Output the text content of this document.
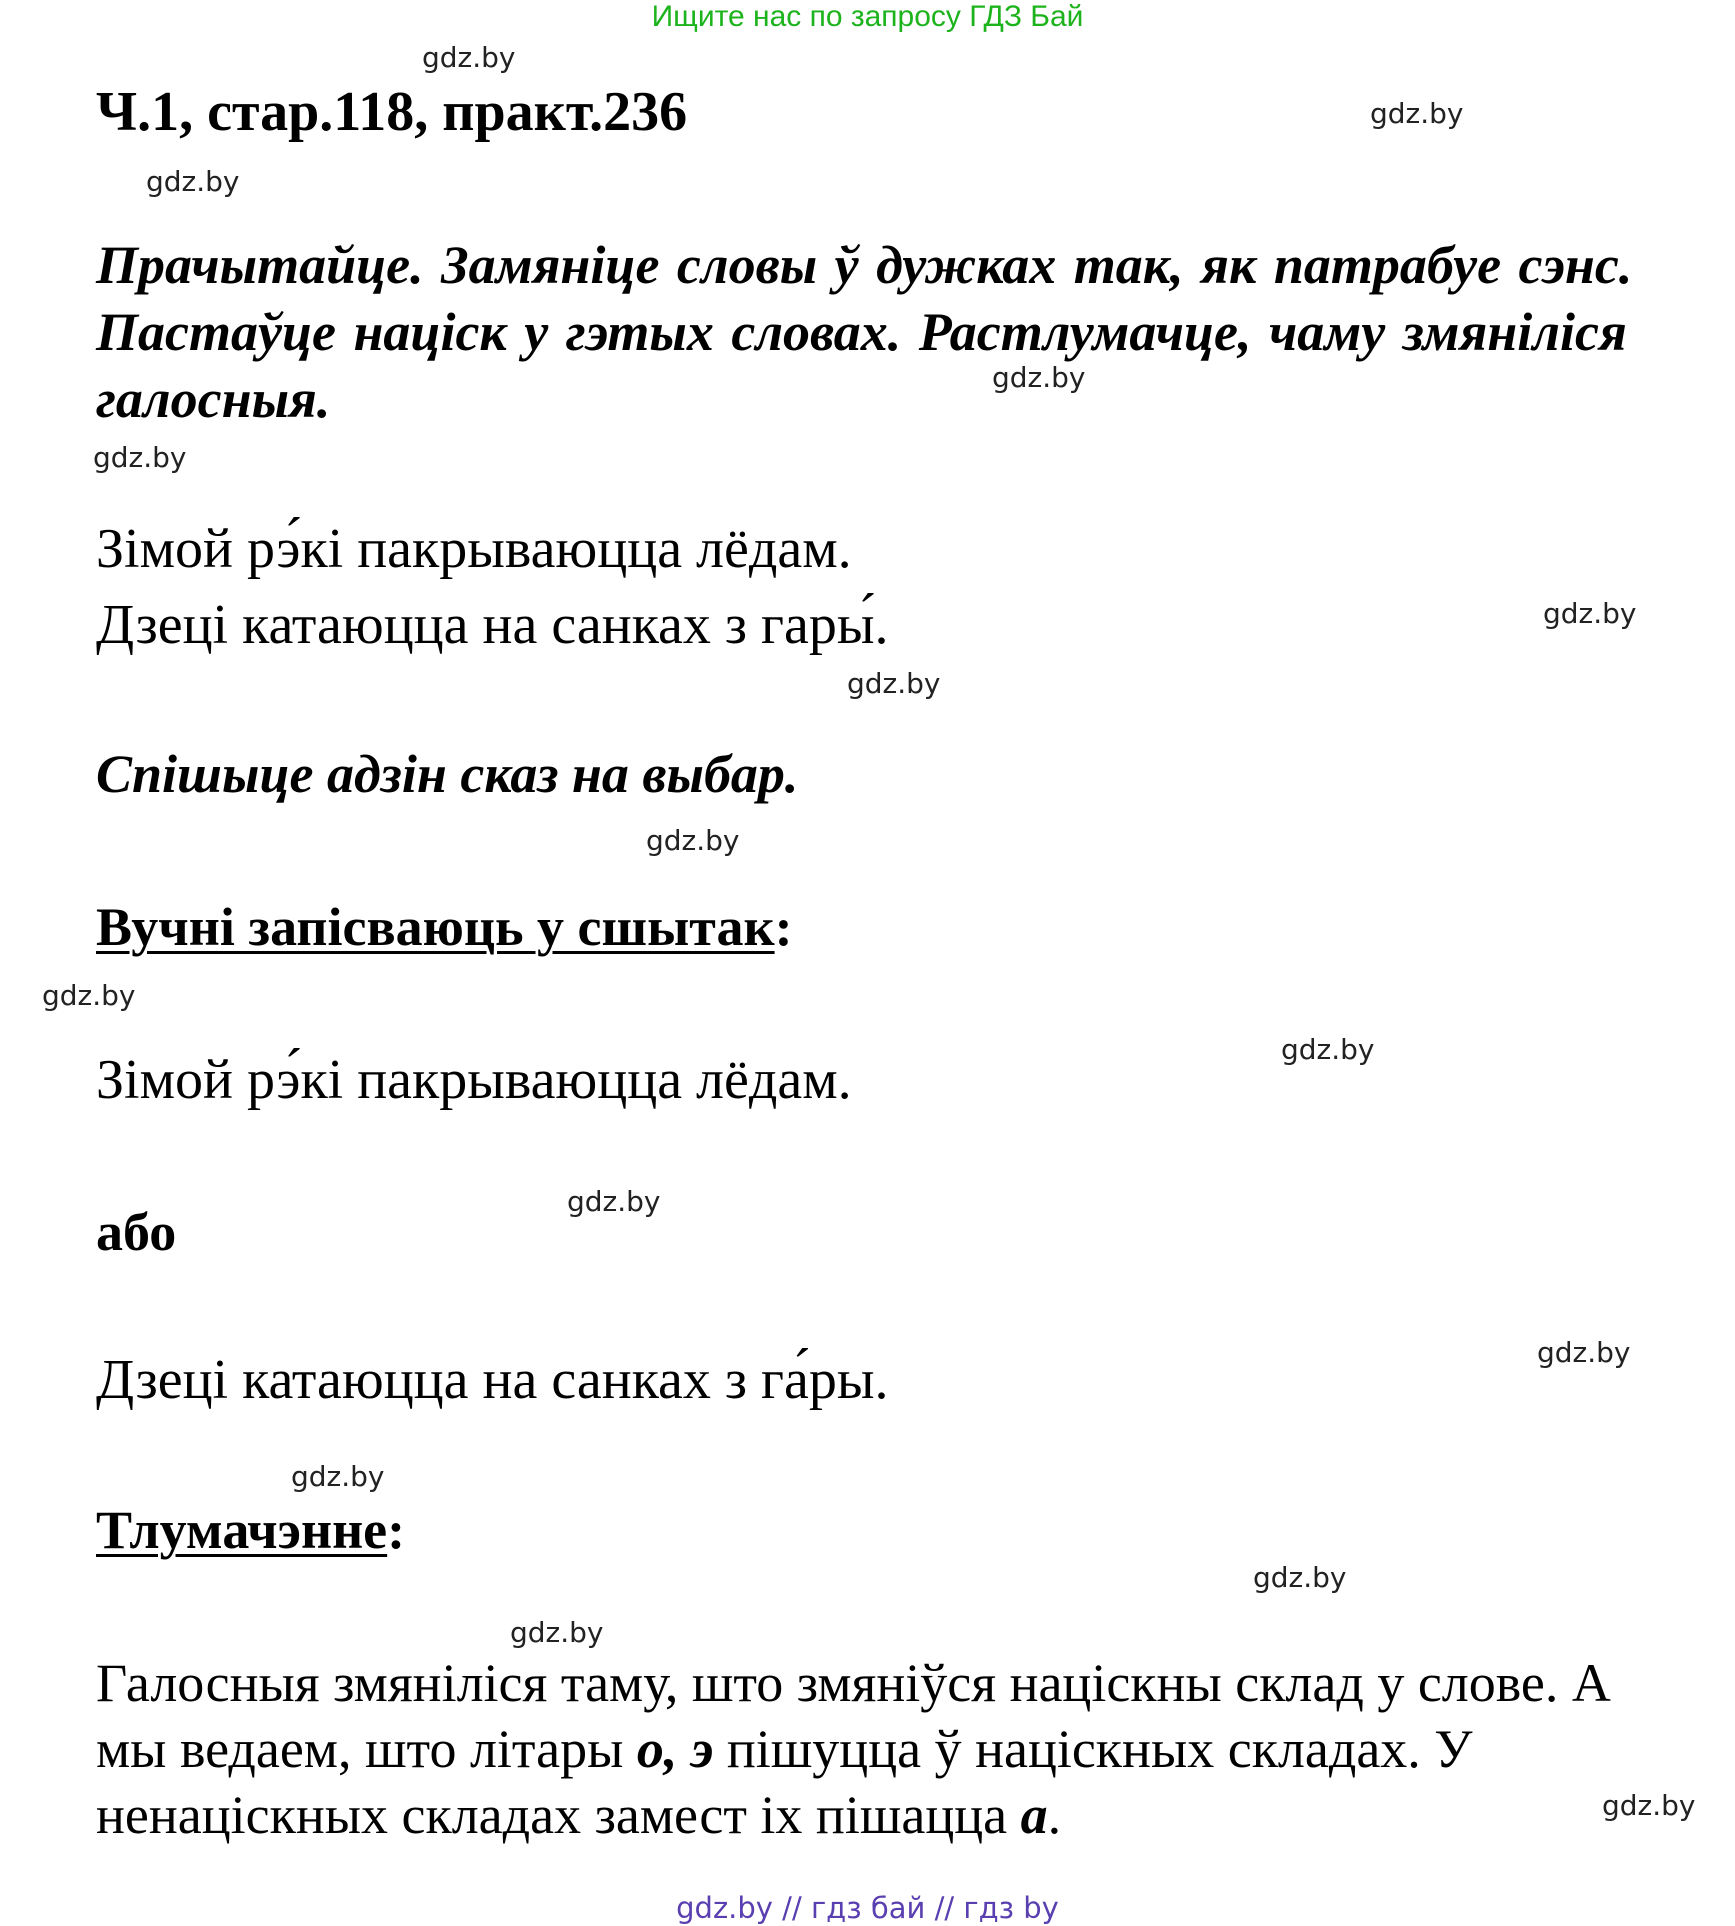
Ищите нас по запросу ГДЗ Бай
gdz.by
gdz.by
gdz.by
gdz.by
gdz.by
gdz.by
gdz.by
gdz.by
gdz.by
gdz.by
gdz.by
gdz.by
gdz.by
gdz.by
gdz.by
gdz.by
Ч.1, стар.118, практ.236
Прачытайце. Замяніце словы ў дужках так, як патрабуе сэнс. Пастаўце націск у гэтых словах. Растлумачце, чаму змяніліся галосныя.
Зімой рэ́кі пакрываюцца лёдам.
Дзеці катаюцца на санках з гары́.
Спішыце адзін сказ на выбар.
Вучні запісваюць у сшытак:
Зімой рэ́кі пакрываюцца лёдам.
або
Дзеці катаюцца на санках з га́ры.
Тлумачэнне:
Галосныя змяніліся таму, што змяніўся націскны склад у слове. А мы ведаем, што літары о, э пішуцца ў націскных складах. У ненаціскных складах замест іх пішацца а.
gdz.by // гдз бай // гдз by
